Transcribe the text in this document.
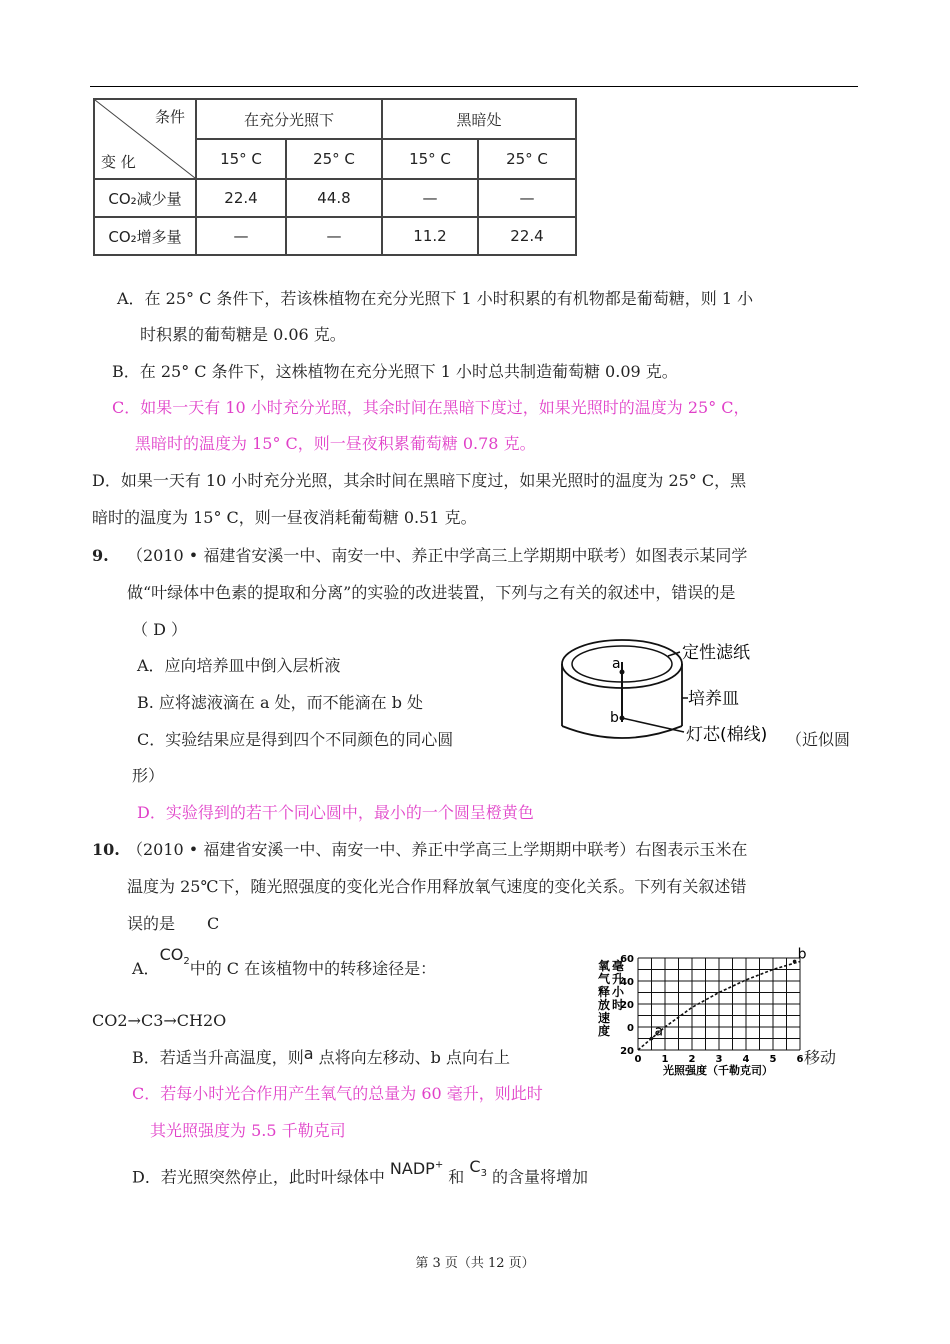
条件
变 化	在充分光照下		黑暗处	
	15° C	25° C	15° C	25° C
CO₂减少量	22.4	44.8	—	—
CO₂增多量	—	—	11.2	22.4
A．在 25° C 条件下，若该株植物在充分光照下 1 小时积累的有机物都是葡萄糖，则 1 小
时积累的葡萄糖是 0.06 克。
B．在 25° C 条件下，这株植物在充分光照下 1 小时总共制造葡萄糖 0.09 克。
C．如果一天有 10 小时充分光照，其余时间在黑暗下度过，如果光照时的温度为 25° C，
黑暗时的温度为 15° C，则一昼夜积累葡萄糖 0.78 克。
D．如果一天有 10 小时充分光照，其余时间在黑暗下度过，如果光照时的温度为 25° C，黑
暗时的温度为 15° C，则一昼夜消耗葡萄糖 0.51 克。
9. （2010 • 福建省安溪一中、南安一中、养正中学高三上学期期中联考）如图表示某同学
做“叶绿体中色素的提取和分离”的实验的改进装置，下列与之有关的叙述中，错误的是
（ D ）
A．应向培养皿中倒入层析液
B. 应将滤液滴在 a 处，而不能滴在 b 处
C．实验结果应是得到四个不同颜色的同心圆	（近似圆
形）
D．实验得到的若干个同心圆中，最小的一个圆呈橙黄色
a
b
定性滤纸
培养皿
灯芯(棉线)
10. （2010 • 福建省安溪一中、南安一中、养正中学高三上学期期中联考）右图表示玉米在
温度为 25℃下，随光照强度的变化光合作用释放氧气速度的变化关系。下列有关叙述错
误的是　　C
A．$CO_2$中的 C 在该植物中的转移途径是：
CO2→C3→CH2O
B．若适当升高温度，则a 点将向左移动、b 点向右上	移动
C．若每小时光合作用产生氧气的总量为 60 毫升，则此时
其光照强度为 5.5 千勒克司
D．若光照突然停止，此时叶绿体中 NADP+ 和 $C_3$ 的含量将增加
氧气释放速度毫升小时
0 1 2 3 4 5 6
20
0
20
40
60
a
b
光照强度（千勒克司）
第 3 页（共 12 页）
